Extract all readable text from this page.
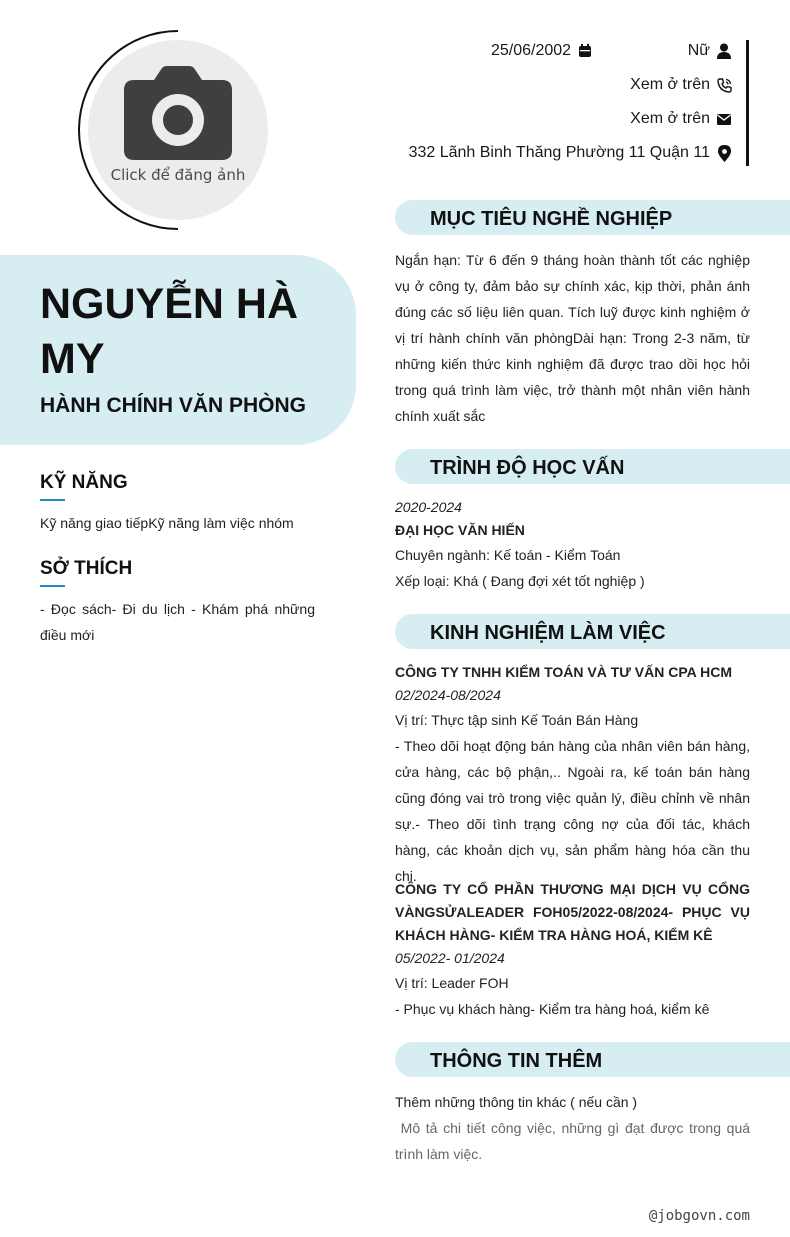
Click để đăng ảnh
25/06/2002	Nữ
Xem ở trên
Xem ở trên
332 Lãnh Binh Thăng Phường 11 Quận 11
NGUYỄN HÀ MY
HÀNH CHÍNH VĂN PHÒNG
KỸ NĂNG
Kỹ năng giao tiếpKỹ năng làm việc nhóm
SỞ THÍCH
- Đọc sách- Đi du lịch - Khám phá những điều mới
MỤC TIÊU NGHỀ NGHIỆP
Ngắn hạn: Từ 6 đến 9 tháng hoàn thành tốt các nghiệp vụ ở công ty, đảm bảo sự chính xác, kịp thời, phản ánh đúng các số liệu liên quan. Tích luỹ được kinh nghiệm ở vị trí hành chính văn phòngDài hạn: Trong 2-3 năm, từ những kiến thức kinh nghiệm đã được trao dồi học hỏi trong quá trình làm việc, trở thành một nhân viên hành chính xuất sắc
TRÌNH ĐỘ HỌC VẤN
2020-2024
ĐẠI HỌC VĂN HIẾN
Chuyên ngành: Kế toán - Kiểm Toán
Xếp loại: Khá ( Đang đợi xét tốt nghiệp )
KINH NGHIỆM LÀM VIỆC
CÔNG TY TNHH KIỂM TOÁN VÀ TƯ VẤN CPA HCM
02/2024-08/2024
Vị trí: Thực tập sinh Kế Toán Bán Hàng
- Theo dõi hoạt động bán hàng của nhân viên bán hàng, cửa hàng, các bộ phận,.. Ngoài ra, kế toán bán hàng cũng đóng vai trò trong việc quản lý, điều chỉnh về nhân sự.- Theo dõi tình trạng công nợ của đối tác, khách hàng, các khoản dịch vụ, sản phẩm hàng hóa cần thu chi.
CÔNG TY CỔ PHẦN THƯƠNG MẠI DỊCH VỤ CỔNG VÀNGSỬALEADER FOH05/2022-08/2024- PHỤC VỤ KHÁCH HÀNG- KIỂM TRA HÀNG HOÁ, KIỂM KÊ
05/2022- 01/2024
Vị trí: Leader FOH
- Phục vụ khách hàng- Kiểm tra hàng hoá, kiểm kê
THÔNG TIN THÊM
Thêm những thông tin khác ( nếu cần )
Mô tả chi tiết công việc, những gì đạt được trong quá trình làm việc.
@jobgovn.com
